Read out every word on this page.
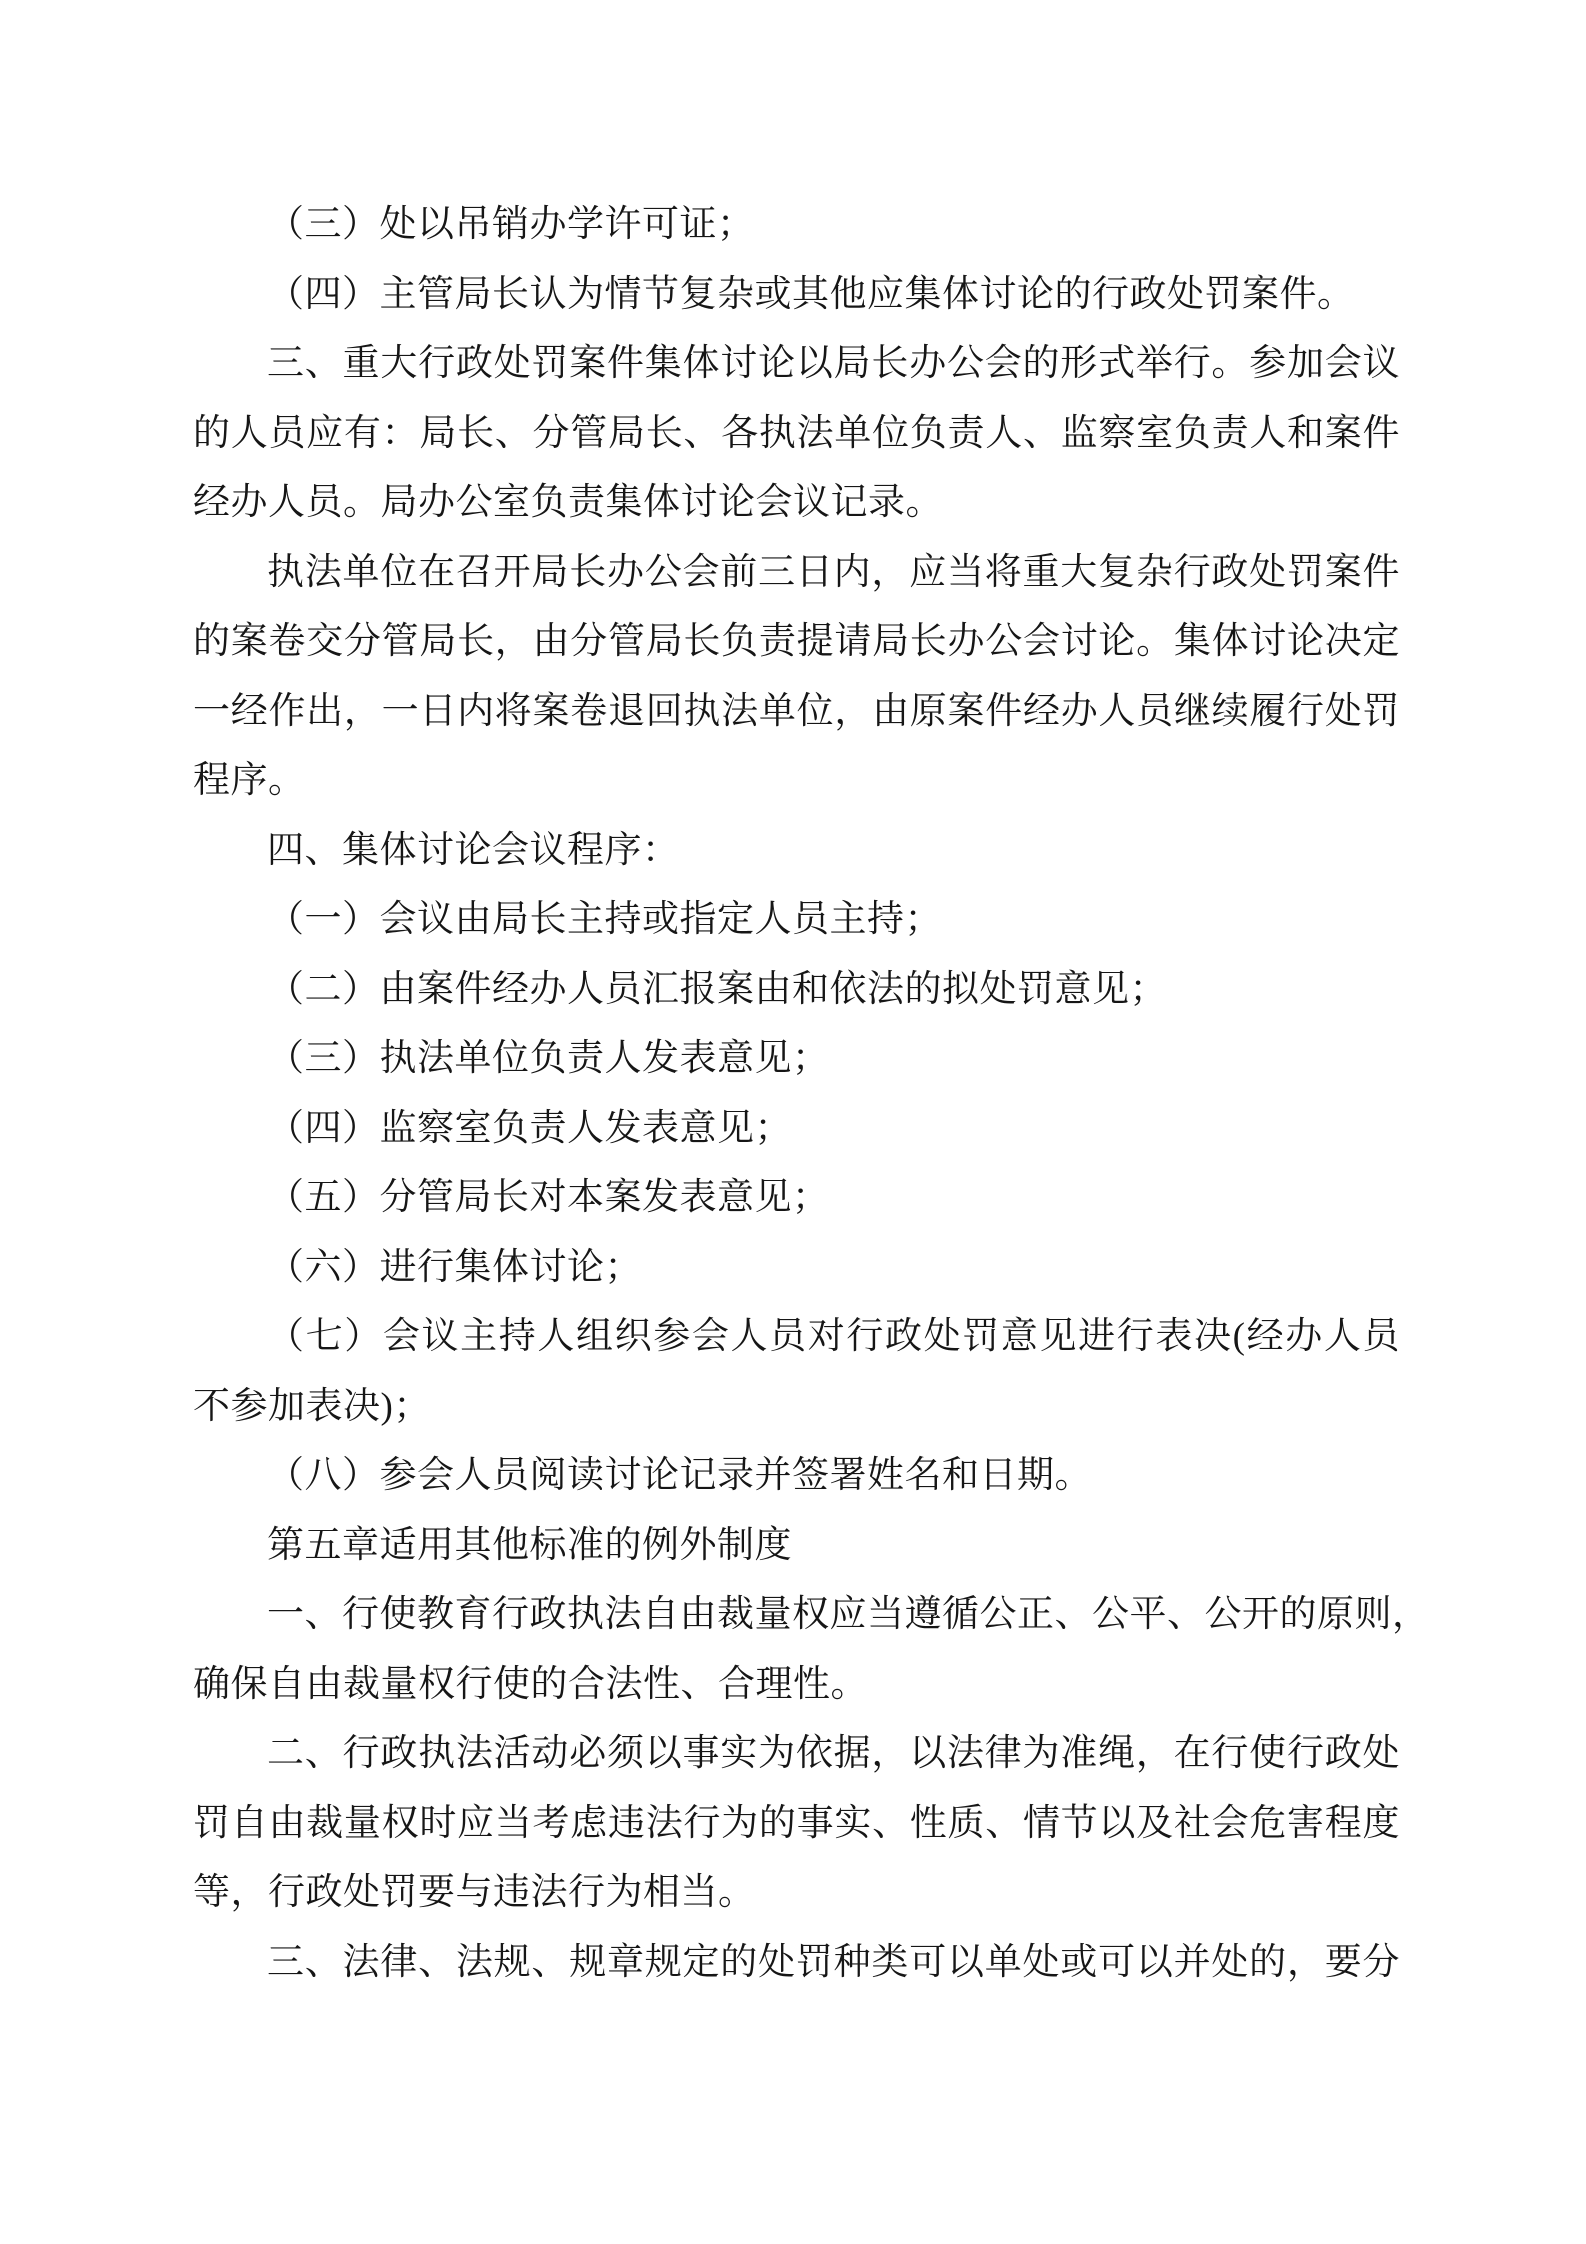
（三）处以吊销办学许可证；
（四）主管局长认为情节复杂或其他应集体讨论的行政处罚案件。
三、重大行政处罚案件集体讨论以局长办公会的形式举行。参加会议
的人员应有：局长、分管局长、各执法单位负责人、监察室负责人和案件
经办人员。局办公室负责集体讨论会议记录。
执法单位在召开局长办公会前三日内，应当将重大复杂行政处罚案件
的案卷交分管局长，由分管局长负责提请局长办公会讨论。集体讨论决定
一经作出，一日内将案卷退回执法单位，由原案件经办人员继续履行处罚
程序。
四、集体讨论会议程序：
（一）会议由局长主持或指定人员主持；
（二）由案件经办人员汇报案由和依法的拟处罚意见；
（三）执法单位负责人发表意见；
（四）监察室负责人发表意见；
（五）分管局长对本案发表意见；
（六）进行集体讨论；
（七）会议主持人组织参会人员对行政处罚意见进行表决(经办人员
不参加表决)；
（八）参会人员阅读讨论记录并签署姓名和日期。
第五章适用其他标准的例外制度
一、行使教育行政执法自由裁量权应当遵循公正、公平、公开的原则，
确保自由裁量权行使的合法性、合理性。
二、行政执法活动必须以事实为依据，以法律为准绳，在行使行政处
罚自由裁量权时应当考虑违法行为的事实、性质、情节以及社会危害程度
等，行政处罚要与违法行为相当。
三、法律、法规、规章规定的处罚种类可以单处或可以并处的，要分
